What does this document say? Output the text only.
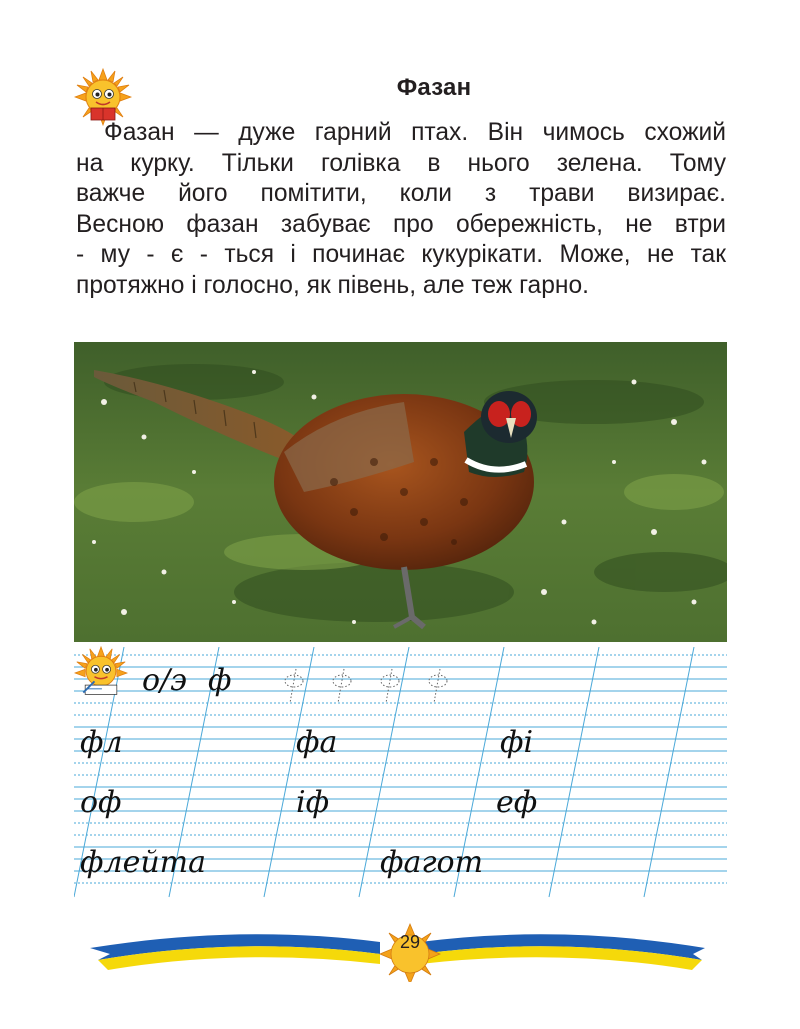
Фазан
Фазан — дуже гарний птах. Він чимось схожий
на курку. Тільки голівка в нього зелена. Тому
важче його помітити, коли з трави визирає.
Весною фазан забуває про обережність, не втри
- му - є - ться і починає кукурікати. Може, не так
протяжно і голосно, як півень, але теж гарно.
о/э ф
фл	фа	фі
оф	іф	еф
флейта	фагот
29
